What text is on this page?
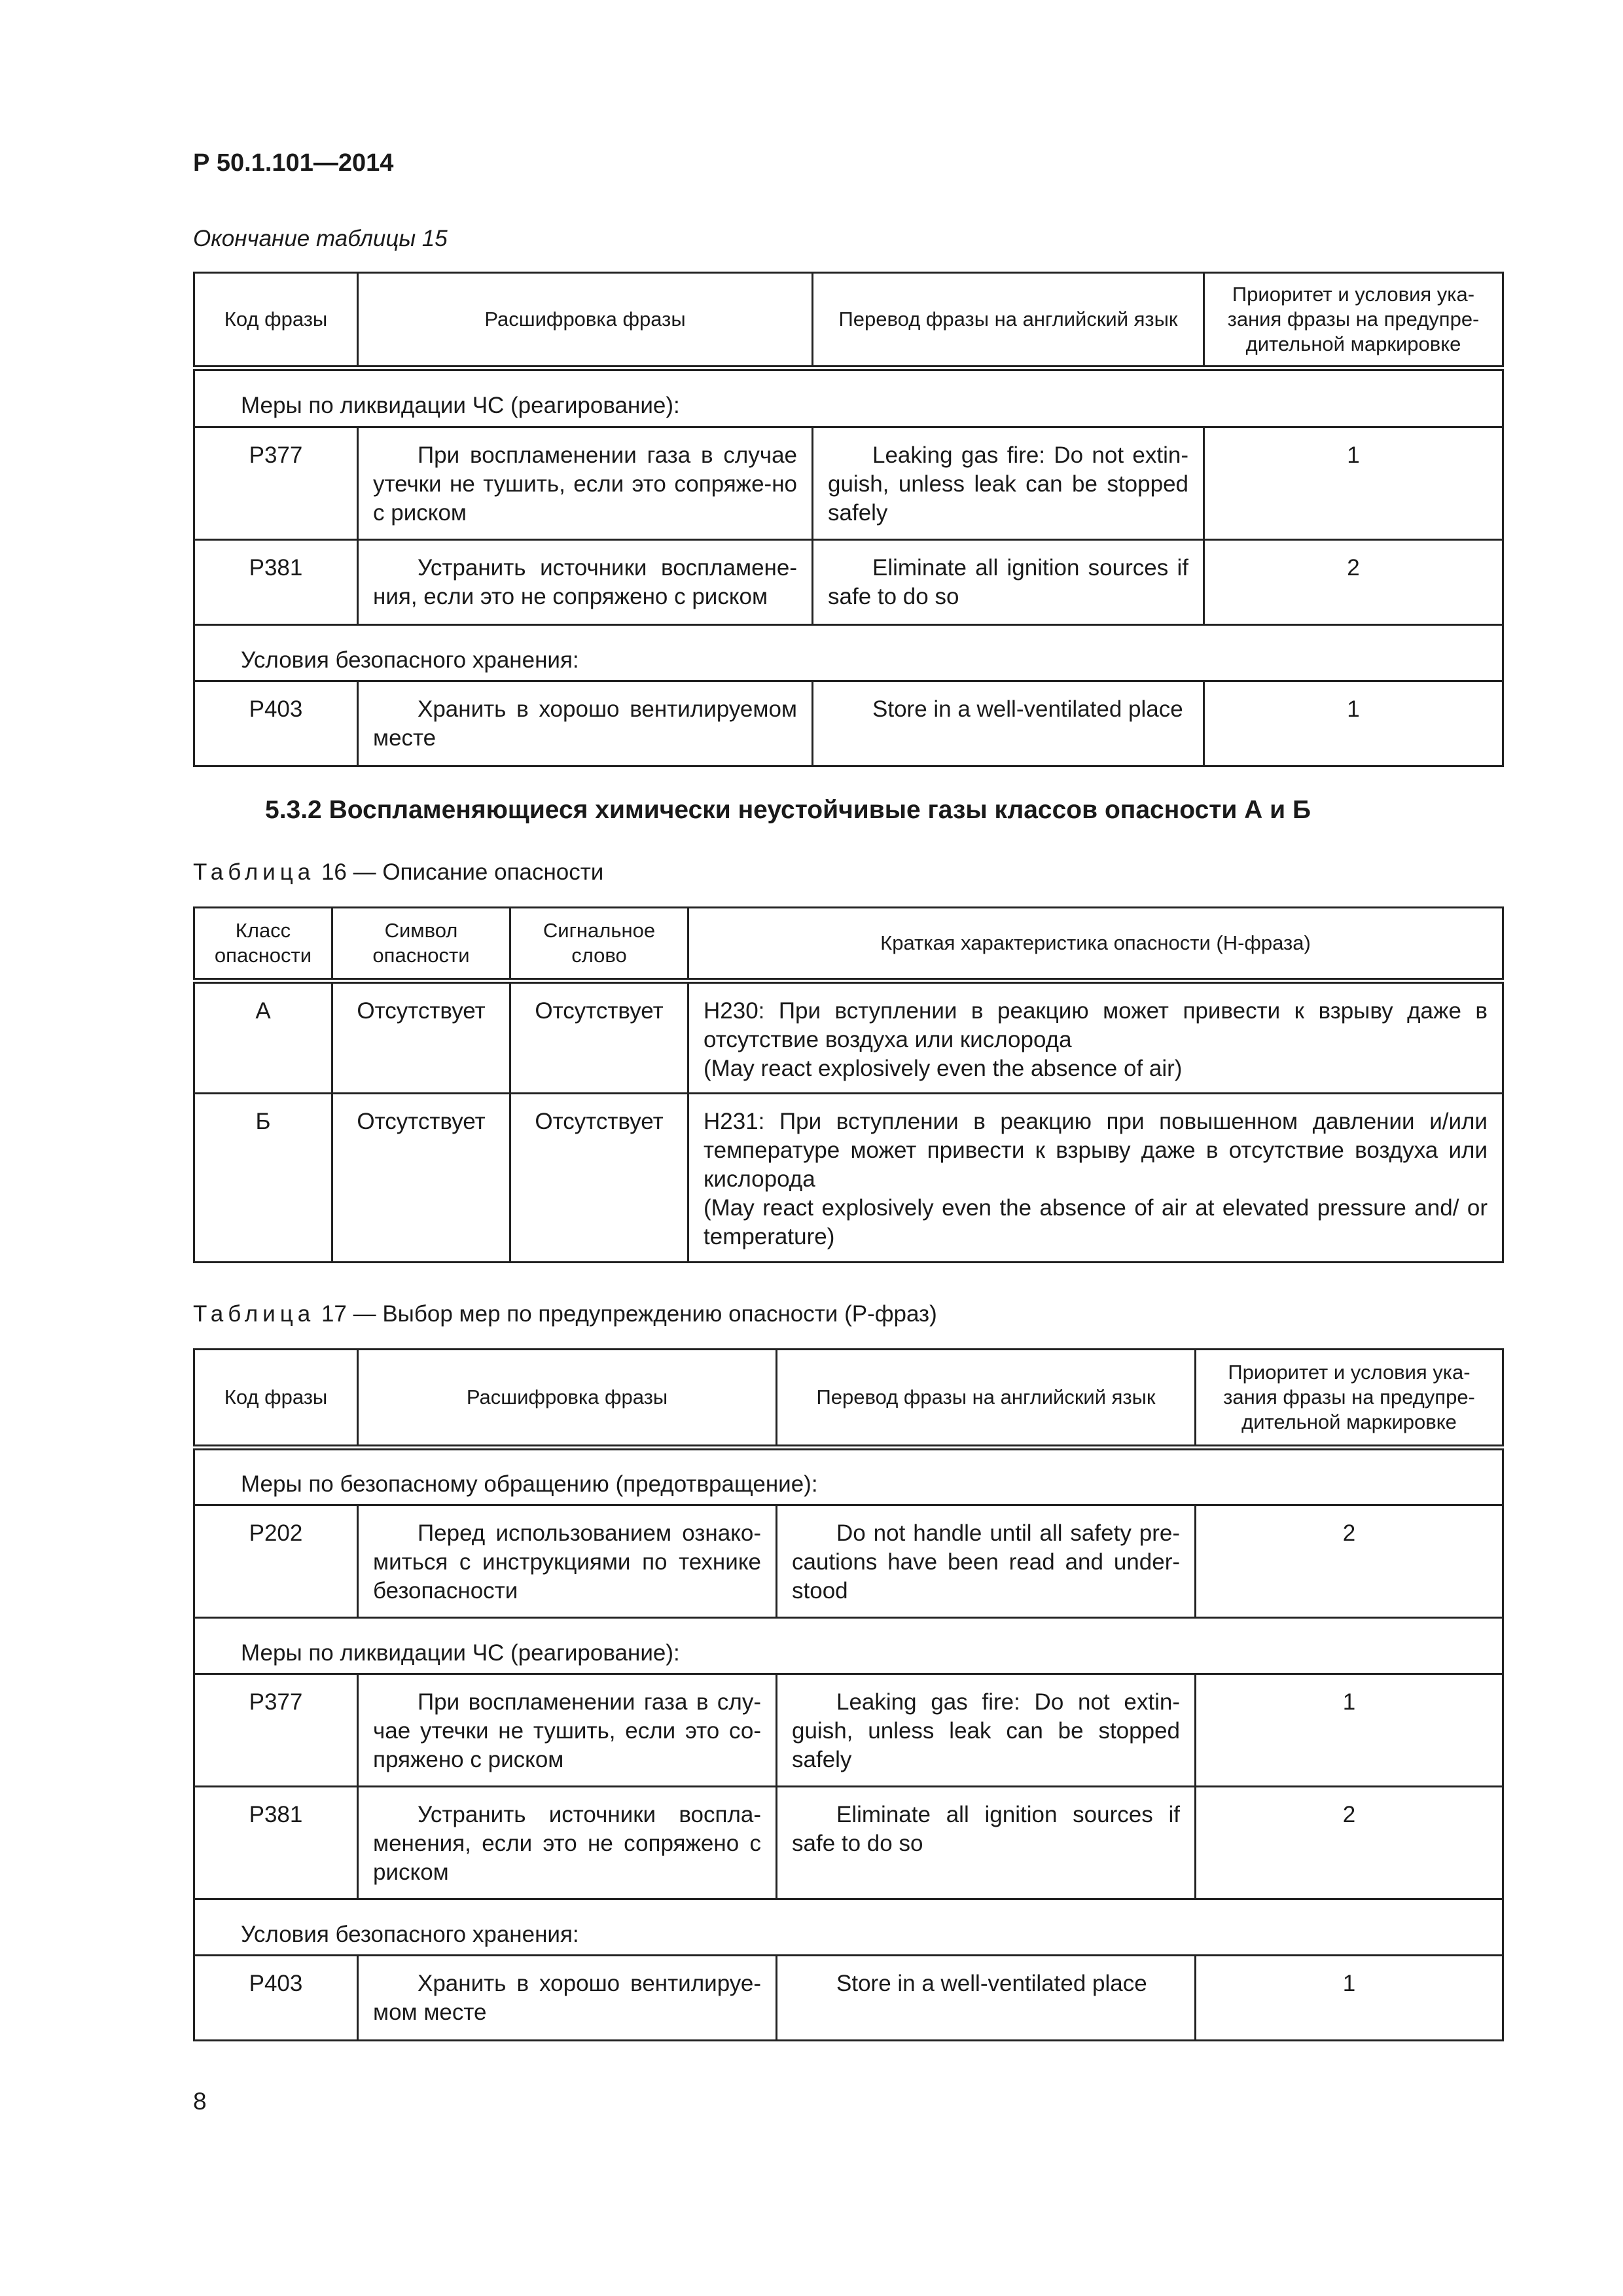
Р 50.1.101—2014

Окончание таблицы 15

Код фразы	Расшифровка фразы	Перевод фразы на английский язык	Приоритет и условия ука-зания фразы на предупре-дительной маркировке
Меры по ликвидации ЧС (реагирование):			
P377	При воспламенении газа в случае утечки не тушить, если это сопряже-но с риском	Leaking gas fire: Do not extin-guish, unless leak can be stopped safely	1
P381	Устранить источники воспламене-ния, если это не сопряжено с риском	Eliminate all ignition sources if safe to do so	2
Условия безопасного хранения:			
P403	Хранить в хорошо вентилируемом месте	Store in a well-ventilated place	1

5.3.2 Воспламеняющиеся химически неустойчивые газы классов опасности А и Б

Таблица 16 — Описание опасности

Класс опасности	Символ опасности	Сигнальное слово	Краткая характеристика опасности (Н-фраза)
А	Отсутствует	Отсутствует	Н230: При вступлении в реакцию может привести к взрыву даже в отсутствие воздуха или кислорода
(May react explosively even the absence of air)

Б	Отсутствует	Отсутствует	Н231: При вступлении в реакцию при повышенном давлении и/или температуре может привести к взрыву даже в отсутствие воздуха или кислорода
(May react explosively even the absence of air at elevated pressure and/ or temperature)

Таблица 17 — Выбор мер по предупреждению опасности (Р-фраз)

Код фразы	Расшифровка фразы	Перевод фразы на английский язык	Приоритет и условия ука-зания фразы на предупре-дительной маркировке
Меры по безопасному обращению (предотвращение):			
P202	Перед использованием ознако-миться с инструкциями по технике безопасности	Do not handle until all safety pre-cautions have been read and under-stood	2
Меры по ликвидации ЧС (реагирование):			
P377	При воспламенении газа в слу-чае утечки не тушить, если это со-пряжено с риском	Leaking gas fire: Do not extin-guish, unless leak can be stopped safely	1
P381	Устранить источники воспла-менения, если это не сопряжено с риском	Eliminate all ignition sources if safe to do so	2
Условия безопасного хранения:			
P403	Хранить в хорошо вентилируе-мом месте	Store in a well-ventilated place	1

8
